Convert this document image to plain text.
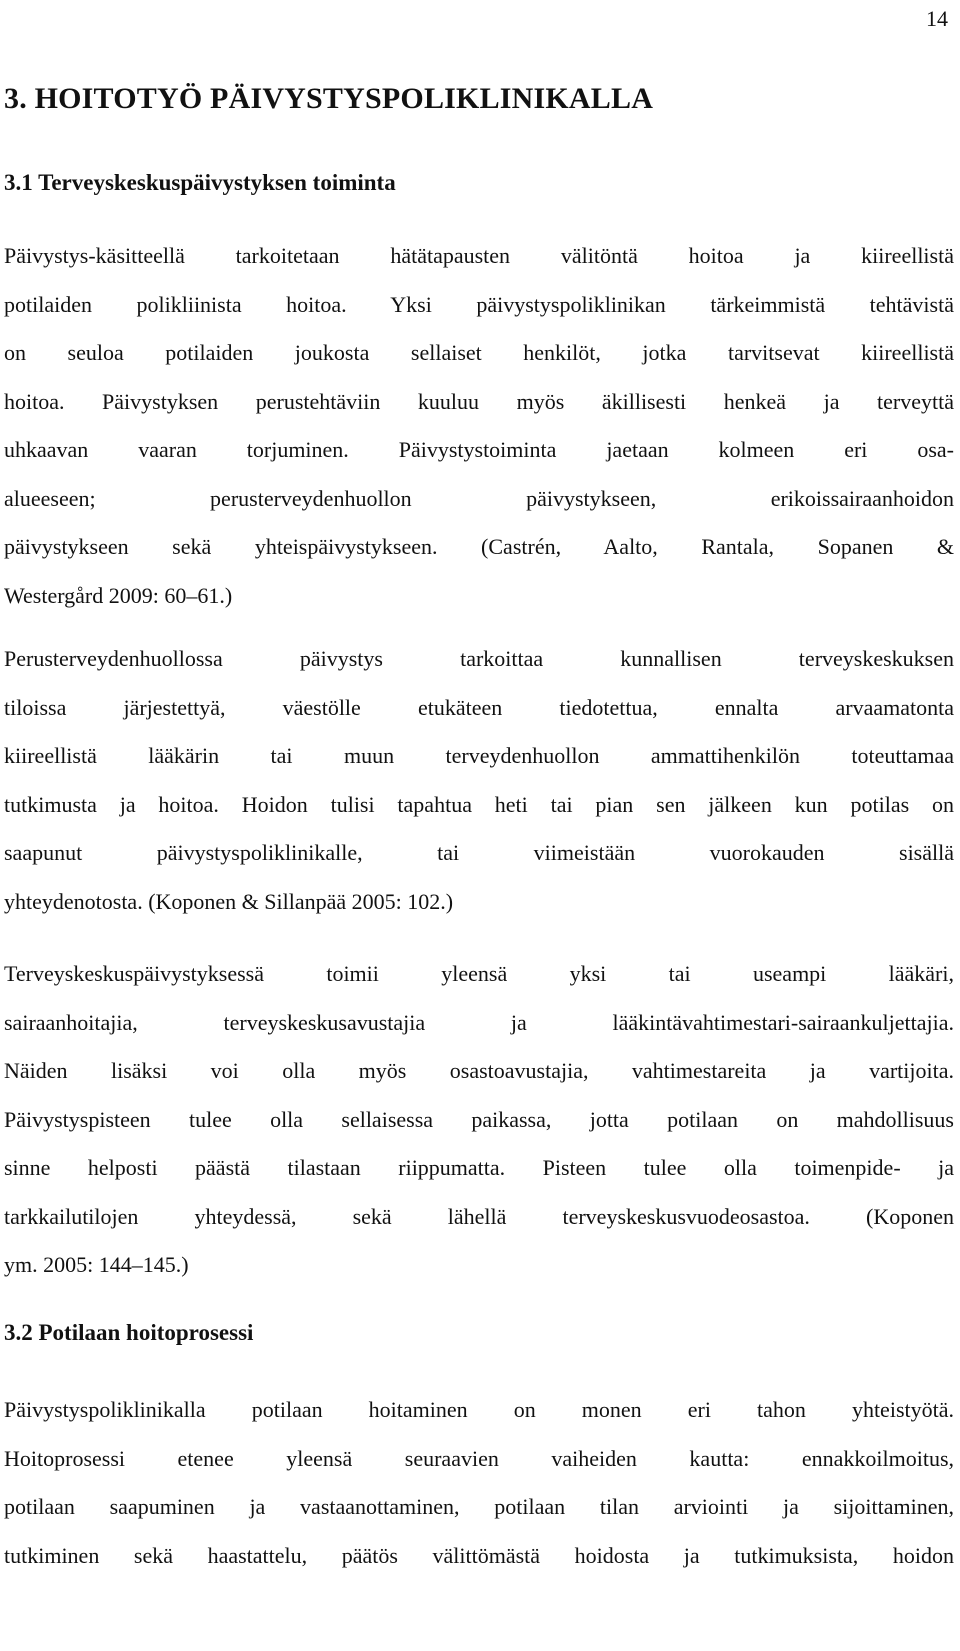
14
3. HOITOTYÖ PÄIVYSTYSPOLIKLINIKALLA
3.1 Terveyskeskuspäivystyksen toiminta
Päivystys-käsitteellä tarkoitetaan hätätapausten välitöntä hoitoa ja kiireellistä
potilaiden polikliinista hoitoa. Yksi päivystyspoliklinikan tärkeimmistä tehtävistä
on seuloa potilaiden joukosta sellaiset henkilöt, jotka tarvitsevat kiireellistä
hoitoa. Päivystyksen perustehtäviin kuuluu myös äkillisesti henkeä ja terveyttä
uhkaavan vaaran torjuminen. Päivystystoiminta jaetaan kolmeen eri osa-
alueeseen; perusterveydenhuollon päivystykseen, erikoissairaanhoidon
päivystykseen sekä yhteispäivystykseen. (Castrén, Aalto, Rantala, Sopanen &
Westergård 2009: 60–61.)
Perusterveydenhuollossa päivystys tarkoittaa kunnallisen terveyskeskuksen
tiloissa järjestettyä, väestölle etukäteen tiedotettua, ennalta arvaamatonta
kiireellistä lääkärin tai muun terveydenhuollon ammattihenkilön toteuttamaa
tutkimusta ja hoitoa. Hoidon tulisi tapahtua heti tai pian sen jälkeen kun potilas on
saapunut päivystyspoliklinikalle, tai viimeistään vuorokauden sisällä
yhteydenotosta. (Koponen & Sillanpää 2005: 102.)
Terveyskeskuspäivystyksessä toimii yleensä yksi tai useampi lääkäri,
sairaanhoitajia, terveyskeskusavustajia ja lääkintävahtimestari-sairaankuljettajia.
Näiden lisäksi voi olla myös osastoavustajia, vahtimestareita ja vartijoita.
Päivystyspisteen tulee olla sellaisessa paikassa, jotta potilaan on mahdollisuus
sinne helposti päästä tilastaan riippumatta. Pisteen tulee olla toimenpide- ja
tarkkailutilojen yhteydessä, sekä lähellä terveyskeskusvuodeosastoa. (Koponen
ym. 2005: 144–145.)
3.2 Potilaan hoitoprosessi
Päivystyspoliklinikalla potilaan hoitaminen on monen eri tahon yhteistyötä.
Hoitoprosessi etenee yleensä seuraavien vaiheiden kautta: ennakkoilmoitus,
potilaan saapuminen ja vastaanottaminen, potilaan tilan arviointi ja sijoittaminen,
tutkiminen sekä haastattelu, päätös välittömästä hoidosta ja tutkimuksista, hoidon
